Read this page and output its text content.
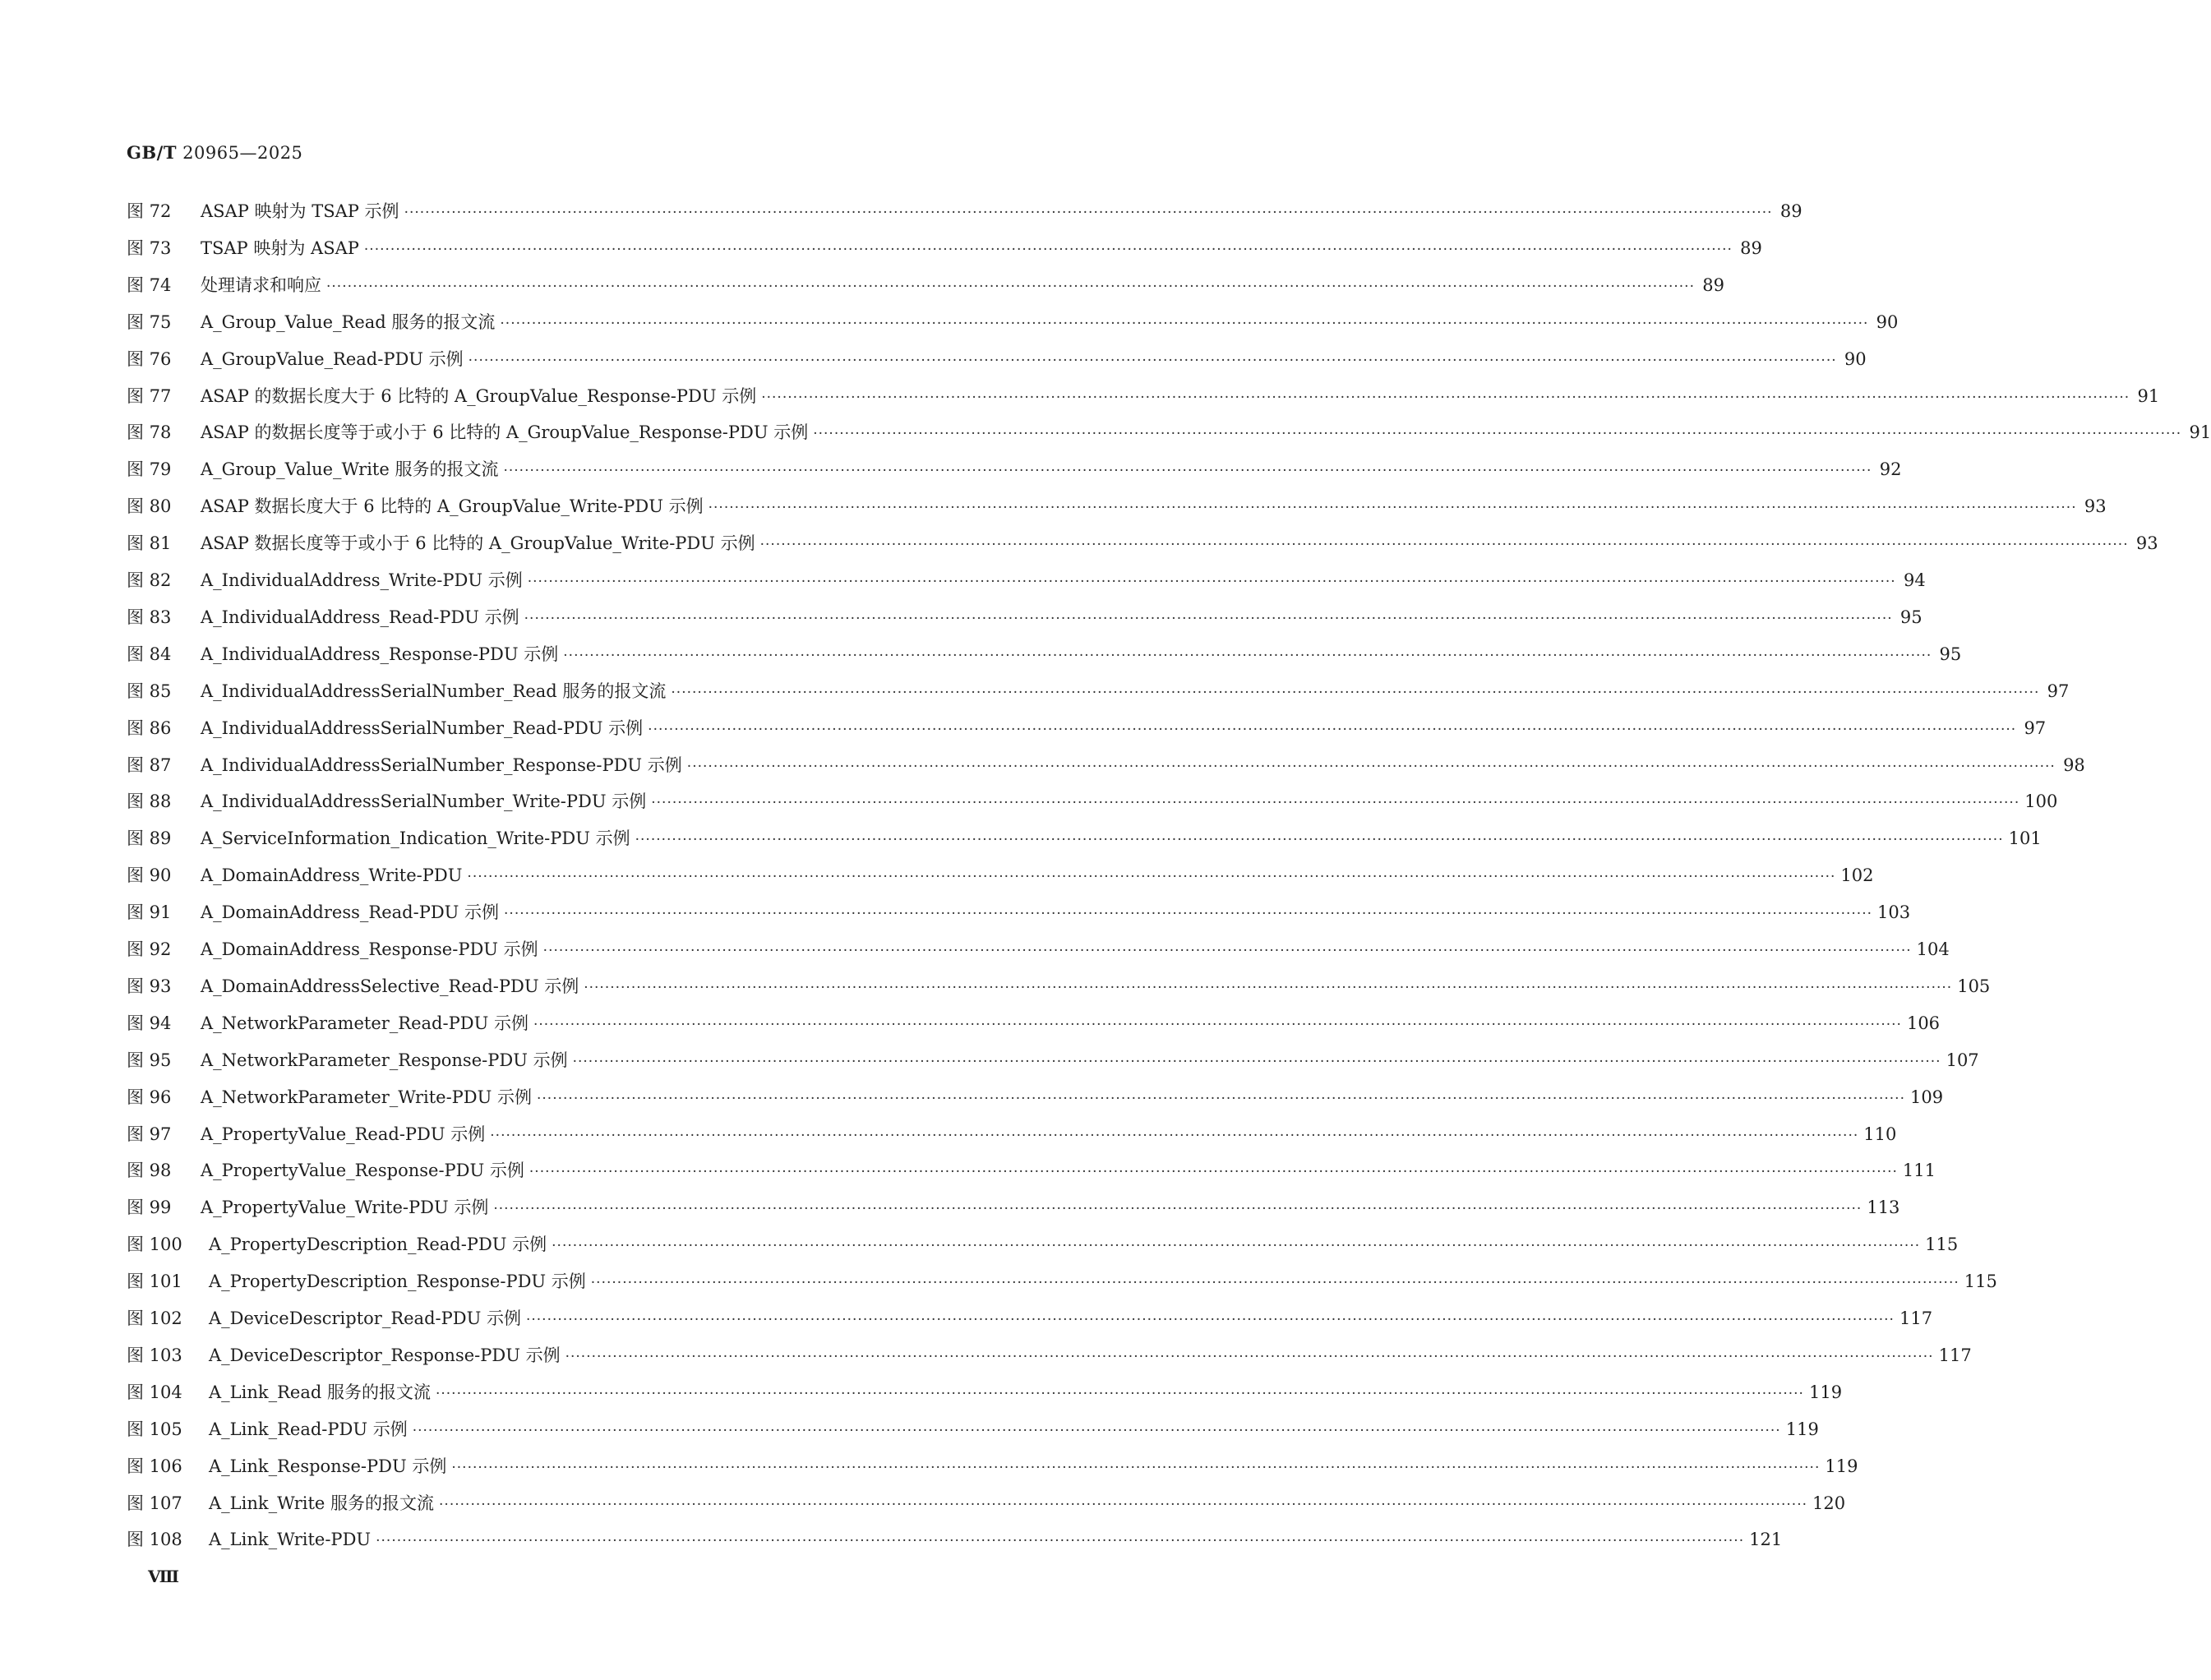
GB/T 20965—2025
图 72	ASAP 映射为 TSAP 示例 ···································································································································································································································································· 89
图 73	TSAP 映射为 ASAP ···································································································································································································································································· 89
图 74	处理请求和响应 ···································································································································································································································································· 89
图 75	A_Group_Value_Read 服务的报文流 ···································································································································································································································································· 90
图 76	A_GroupValue_Read-PDU 示例 ···································································································································································································································································· 90
图 77	ASAP 的数据长度大于 6 比特的 A_GroupValue_Response-PDU 示例 ···································································································································································································································································· 91
图 78	ASAP 的数据长度等于或小于 6 比特的 A_GroupValue_Response-PDU 示例 ···································································································································································································································································· 91
图 79	A_Group_Value_Write 服务的报文流 ···································································································································································································································································· 92
图 80	ASAP 数据长度大于 6 比特的 A_GroupValue_Write-PDU 示例 ···································································································································································································································································· 93
图 81	ASAP 数据长度等于或小于 6 比特的 A_GroupValue_Write-PDU 示例 ···································································································································································································································································· 93
图 82	A_IndividualAddress_Write-PDU 示例 ···································································································································································································································································· 94
图 83	A_IndividualAddress_Read-PDU 示例 ···································································································································································································································································· 95
图 84	A_IndividualAddress_Response-PDU 示例 ···································································································································································································································································· 95
图 85	A_IndividualAddressSerialNumber_Read 服务的报文流 ···································································································································································································································································· 97
图 86	A_IndividualAddressSerialNumber_Read-PDU 示例 ···································································································································································································································································· 97
图 87	A_IndividualAddressSerialNumber_Response-PDU 示例 ···································································································································································································································································· 98
图 88	A_IndividualAddressSerialNumber_Write-PDU 示例 ···································································································································································································································································· 100
图 89	A_ServiceInformation_Indication_Write-PDU 示例 ···································································································································································································································································· 101
图 90	A_DomainAddress_Write-PDU ···································································································································································································································································· 102
图 91	A_DomainAddress_Read-PDU 示例 ···································································································································································································································································· 103
图 92	A_DomainAddress_Response-PDU 示例 ···································································································································································································································································· 104
图 93	A_DomainAddressSelective_Read-PDU 示例 ···································································································································································································································································· 105
图 94	A_NetworkParameter_Read-PDU 示例 ···································································································································································································································································· 106
图 95	A_NetworkParameter_Response-PDU 示例 ···································································································································································································································································· 107
图 96	A_NetworkParameter_Write-PDU 示例 ···································································································································································································································································· 109
图 97	A_PropertyValue_Read-PDU 示例 ···································································································································································································································································· 110
图 98	A_PropertyValue_Response-PDU 示例 ···································································································································································································································································· 111
图 99	A_PropertyValue_Write-PDU 示例 ···································································································································································································································································· 113
图 100	A_PropertyDescription_Read-PDU 示例 ···································································································································································································································································· 115
图 101	A_PropertyDescription_Response-PDU 示例 ···································································································································································································································································· 115
图 102	A_DeviceDescriptor_Read-PDU 示例 ···································································································································································································································································· 117
图 103	A_DeviceDescriptor_Response-PDU 示例 ···································································································································································································································································· 117
图 104	A_Link_Read 服务的报文流 ···································································································································································································································································· 119
图 105	A_Link_Read-PDU 示例 ···································································································································································································································································· 119
图 106	A_Link_Response-PDU 示例 ···································································································································································································································································· 119
图 107	A_Link_Write 服务的报文流 ···································································································································································································································································· 120
图 108	A_Link_Write-PDU ···································································································································································································································································· 121
Ⅷ
